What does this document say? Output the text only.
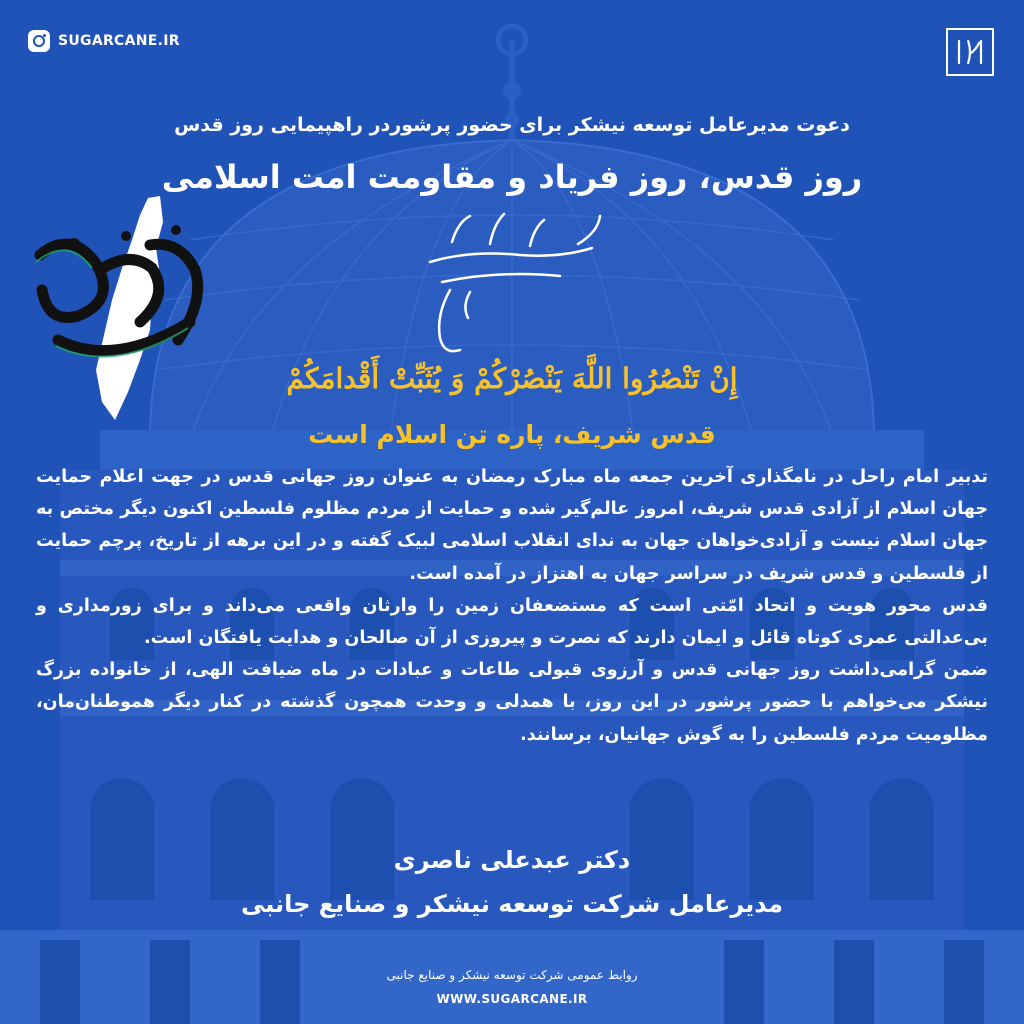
SUGARCANE.IR
دعوت مدیرعامل توسعه نیشکر برای حضور پرشوردر راهپیمایی روز قدس
روز قدس، روز فریاد و مقاومت امت اسلامی
إِنْ تَنْصُرُوا اللَّهَ یَنْصُرْکُمْ وَ یُثَبِّتْ أَقْدامَکُمْ
قدس شریف، پاره تن اسلام است

تدبیر امام راحل در نامگذاری آخرین جمعه ماه مبارک رمضان به عنوان روز جهانی قدس در جهت اعلام حمایت جهان اسلام از آزادی قدس شریف، امروز عالم‌گیر شده و حمایت از مردم مظلوم فلسطین اکنون دیگر مختص به جهان اسلام نیست و آزادی‌خواهان جهان به ندای انقلاب اسلامی لبیک گفته و در این برهه از تاریخ، پرچم حمایت از فلسطین و قدس شریف در سراسر جهان به اهتزاز در آمده است.

قدس محور هویت و اتحاد امّتی است که مستضعفان زمین را وارثان واقعی می‌داند و برای زورمداری و بی‌عدالتی عمری کوتاه قائل و ایمان دارند که نصرت و پیروزی از آن صالحان و هدایت یافتگان است.

ضمن گرامی‌داشت روز جهانی قدس و آرزوی قبولی طاعات و عبادات در ماه ضیافت الهی، از خانواده بزرگ نیشکر می‌خواهم با حضور پرشور در این روز، با همدلی و وحدت همچون گذشته در کنار دیگر هموطنان‌مان، مظلومیت مردم فلسطین را به گوش جهانیان، برسانند.

دکتر عبدعلی ناصری
مدیرعامل شرکت توسعه نیشکر و صنایع جانبی
روابط عمومی شرکت توسعه نیشکر و صنایع جانبی
WWW.SUGARCANE.IR
